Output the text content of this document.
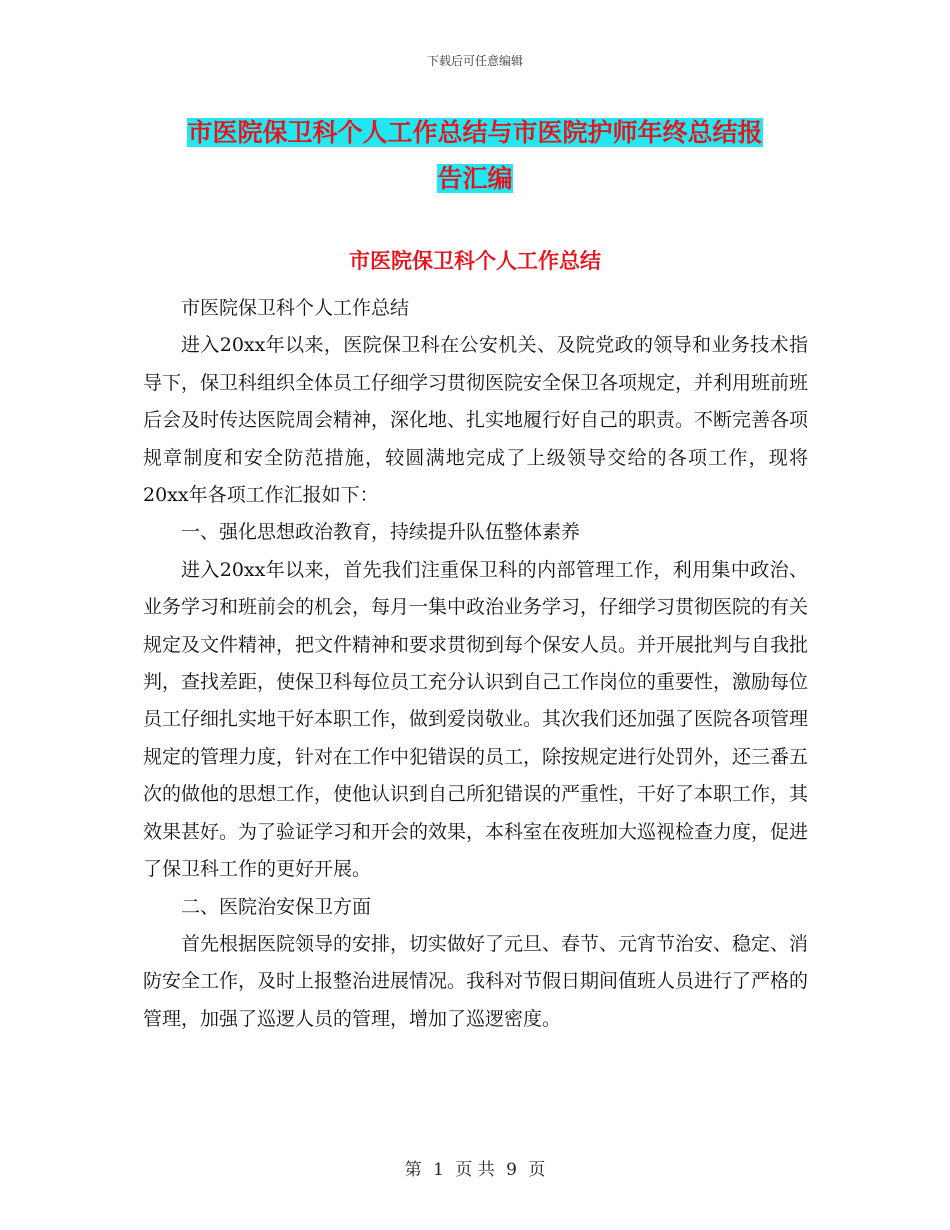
下载后可任意编辑
市医院保卫科个人工作总结与市医院护师年终总结报
告汇编
市医院保卫科个人工作总结

市医院保卫科个人工作总结

进入20xx年以来，医院保卫科在公安机关、及院党政的领导和业务技术指导下，保卫科组织全体员工仔细学习贯彻医院安全保卫各项规定，并利用班前班后会及时传达医院周会精神，深化地、扎实地履行好自己的职责。不断完善各项规章制度和安全防范措施，较圆满地完成了上级领导交给的各项工作，现将20xx年各项工作汇报如下：

一、强化思想政治教育，持续提升队伍整体素养

进入20xx年以来，首先我们注重保卫科的内部管理工作，利用集中政治、业务学习和班前会的机会，每月一集中政治业务学习，仔细学习贯彻医院的有关规定及文件精神，把文件精神和要求贯彻到每个保安人员。并开展批判与自我批判，查找差距，使保卫科每位员工充分认识到自己工作岗位的重要性，激励每位员工仔细扎实地干好本职工作，做到爱岗敬业。其次我们还加强了医院各项管理规定的管理力度，针对在工作中犯错误的员工，除按规定进行处罚外，还三番五次的做他的思想工作，使他认识到自己所犯错误的严重性，干好了本职工作，其效果甚好。为了验证学习和开会的效果，本科室在夜班加大巡视检查力度，促进了保卫科工作的更好开展。

二、医院治安保卫方面

首先根据医院领导的安排，切实做好了元旦、春节、元宵节治安、稳定、消防安全工作，及时上报整治进展情况。我科对节假日期间值班人员进行了严格的管理，加强了巡逻人员的管理，增加了巡逻密度。

第 1 页 共 9 页
